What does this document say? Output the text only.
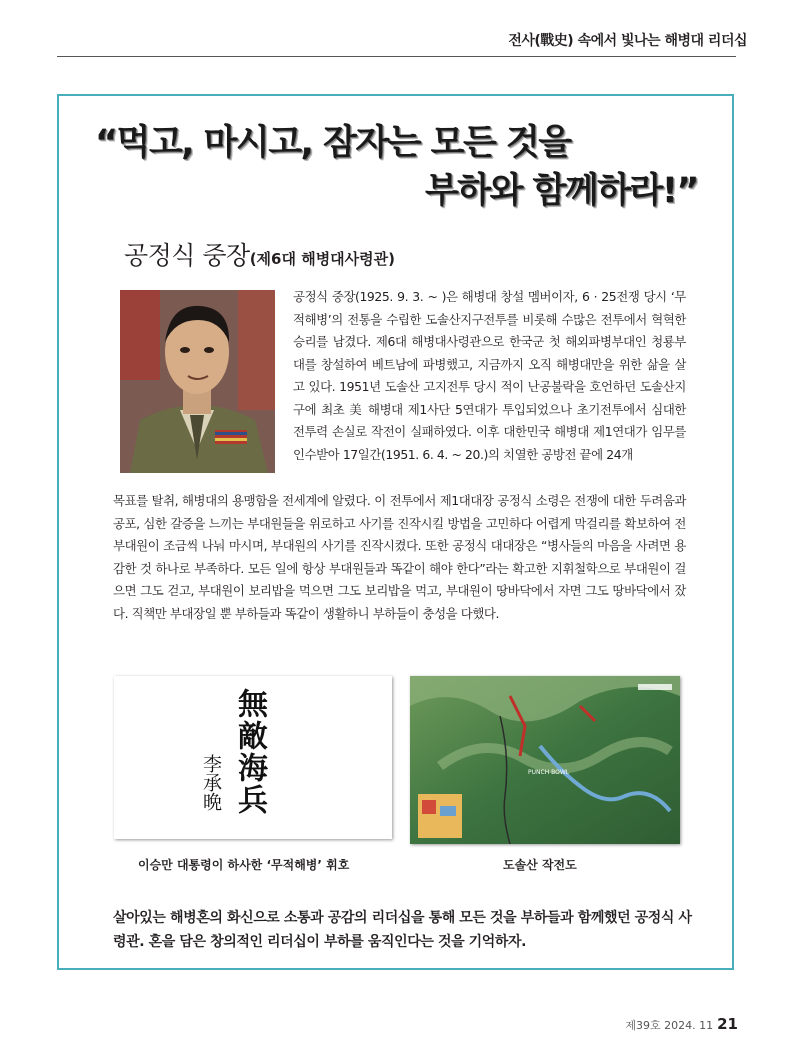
전사(戰史) 속에서 빛나는 해병대 리더십
“먹고, 마시고, 잠자는 모든 것을
부하와 함께하라!”
공정식 중장(제6대 해병대사령관)

공정식 중장(1925. 9. 3. ~ )은 해병대 창설 멤버이자, 6 · 25전쟁 당시 ‘무적해병’의 전통을 수립한 도솔산지구전투를 비롯해 수많은 전투에서 혁혁한 승리를 남겼다. 제6대 해병대사령관으로 한국군 첫 해외파병부대인 청룡부대를 창설하여 베트남에 파병했고, 지금까지 오직 해병대만을 위한 삶을 살고 있다. 1951년 도솔산 고지전투 당시 적이 난공불락을 호언하던 도솔산지구에 최초 美 해병대 제1사단 5연대가 투입되었으나 초기전투에서 심대한 전투력 손실로 작전이 실패하였다. 이후 대한민국 해병대 제1연대가 임무를 인수받아 17일간(1951. 6. 4. ~ 20.)의 치열한 공방전 끝에 24개

목표를 탈취, 해병대의 용맹함을 전세계에 알렸다. 이 전투에서 제1대대장 공정식 소령은 전쟁에 대한 두려움과 공포, 심한 갈증을 느끼는 부대원들을 위로하고 사기를 진작시킬 방법을 고민하다 어렵게 막걸리를 확보하여 전 부대원이 조금씩 나눠 마시며, 부대원의 사기를 진작시켰다. 또한 공정식 대대장은 “병사들의 마음을 사려면 용감한 것 하나로 부족하다. 모든 일에 항상 부대원들과 똑같이 해야 한다”라는 확고한 지휘철학으로 부대원이 걸으면 그도 걷고, 부대원이 보리밥을 먹으면 그도 보리밥을 먹고, 부대원이 땅바닥에서 자면 그도 땅바닥에서 잤다. 직책만 부대장일 뿐 부하들과 똑같이 생활하니 부하들이 충성을 다했다.

無敵海兵
李承晩
이승만 대통령이 하사한 ‘무적해병’ 휘호
PUNCH BOWL
도솔산 작전도

살아있는 해병혼의 화신으로 소통과 공감의 리더십을 통해 모든 것을 부하들과 함께했던 공정식 사령관. 혼을 담은 창의적인 리더십이 부하를 움직인다는 것을 기억하자.

제39호 2024. 11 21
